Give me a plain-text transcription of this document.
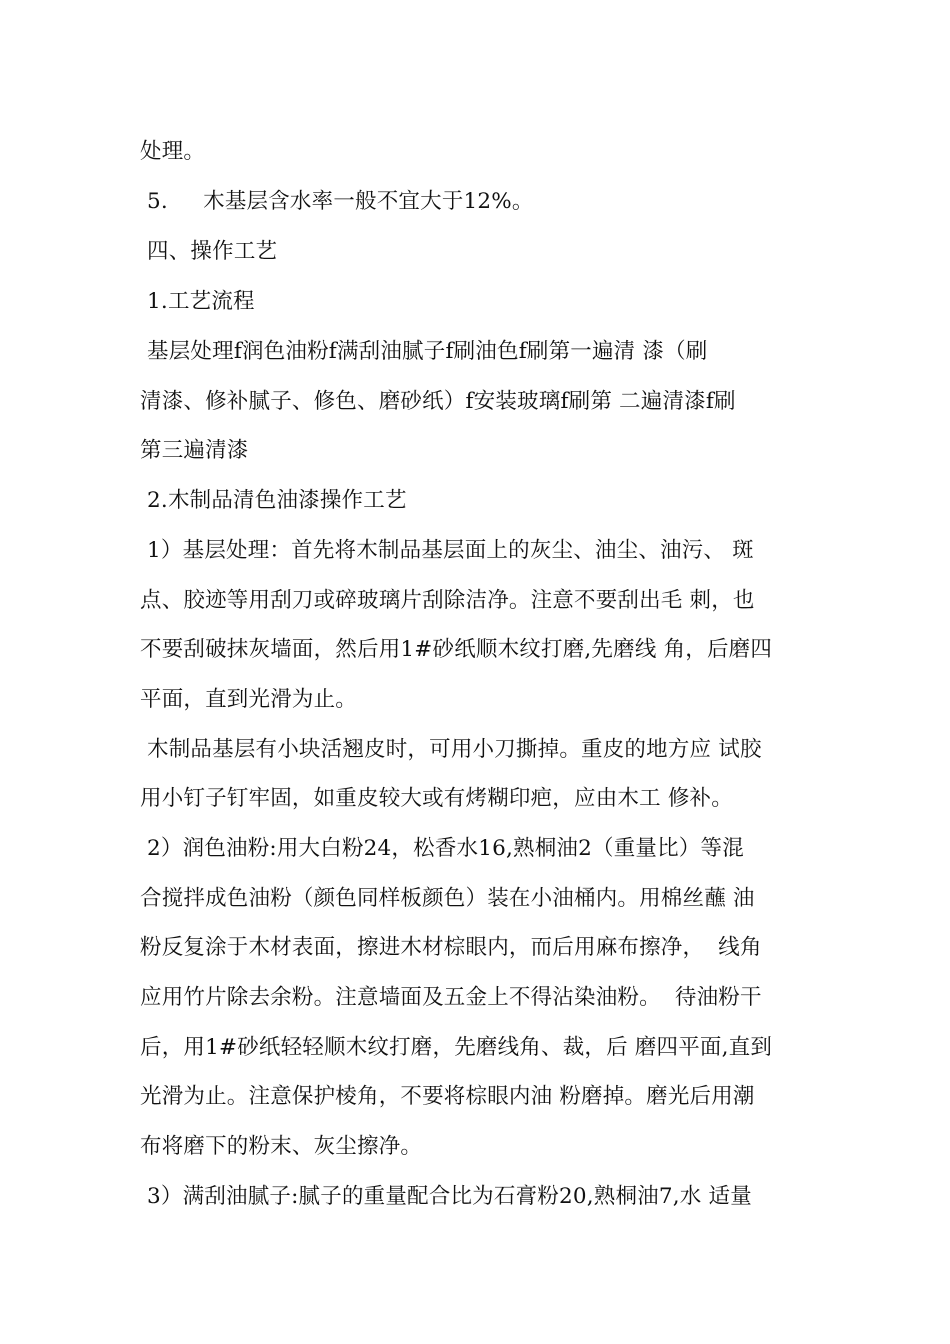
处理。
5.     木基层含水率一般不宜大于12%。
四、操作工艺
1.工艺流程
基层处理f润色油粉f满刮油腻子f刷油色f刷第一遍清 漆（刷
清漆、修补腻子、修色、磨砂纸）f安装玻璃f刷第 二遍清漆f刷
第三遍清漆
2.木制品清色油漆操作工艺
1）基层处理：首先将木制品基层面上的灰尘、油尘、油污、 斑
点、胶迹等用刮刀或碎玻璃片刮除洁净。注意不要刮出毛 刺，也
不要刮破抹灰墙面，然后用1#砂纸顺木纹打磨,先磨线 角，后磨四
平面，直到光滑为止。
木制品基层有小块活翘皮时，可用小刀撕掉。重皮的地方应 试胶
用小钉子钉牢固，如重皮较大或有烤糊印疤，应由木工 修补。
2）润色油粉:用大白粉24，松香水16,熟桐油2（重量比）等混
合搅拌成色油粉（颜色同样板颜色）装在小油桶内。用棉丝蘸 油
粉反复涂于木材表面，擦进木材棕眼内，而后用麻布擦净，  线角
应用竹片除去余粉。注意墙面及五金上不得沾染油粉。  待油粉干
后，用1#砂纸轻轻顺木纹打磨，先磨线角、裁，后 磨四平面,直到
光滑为止。注意保护棱角，不要将棕眼内油 粉磨掉。磨光后用潮
布将磨下的粉末、灰尘擦净。
3）满刮油腻子:腻子的重量配合比为石膏粉20,熟桐油7,水 适量
